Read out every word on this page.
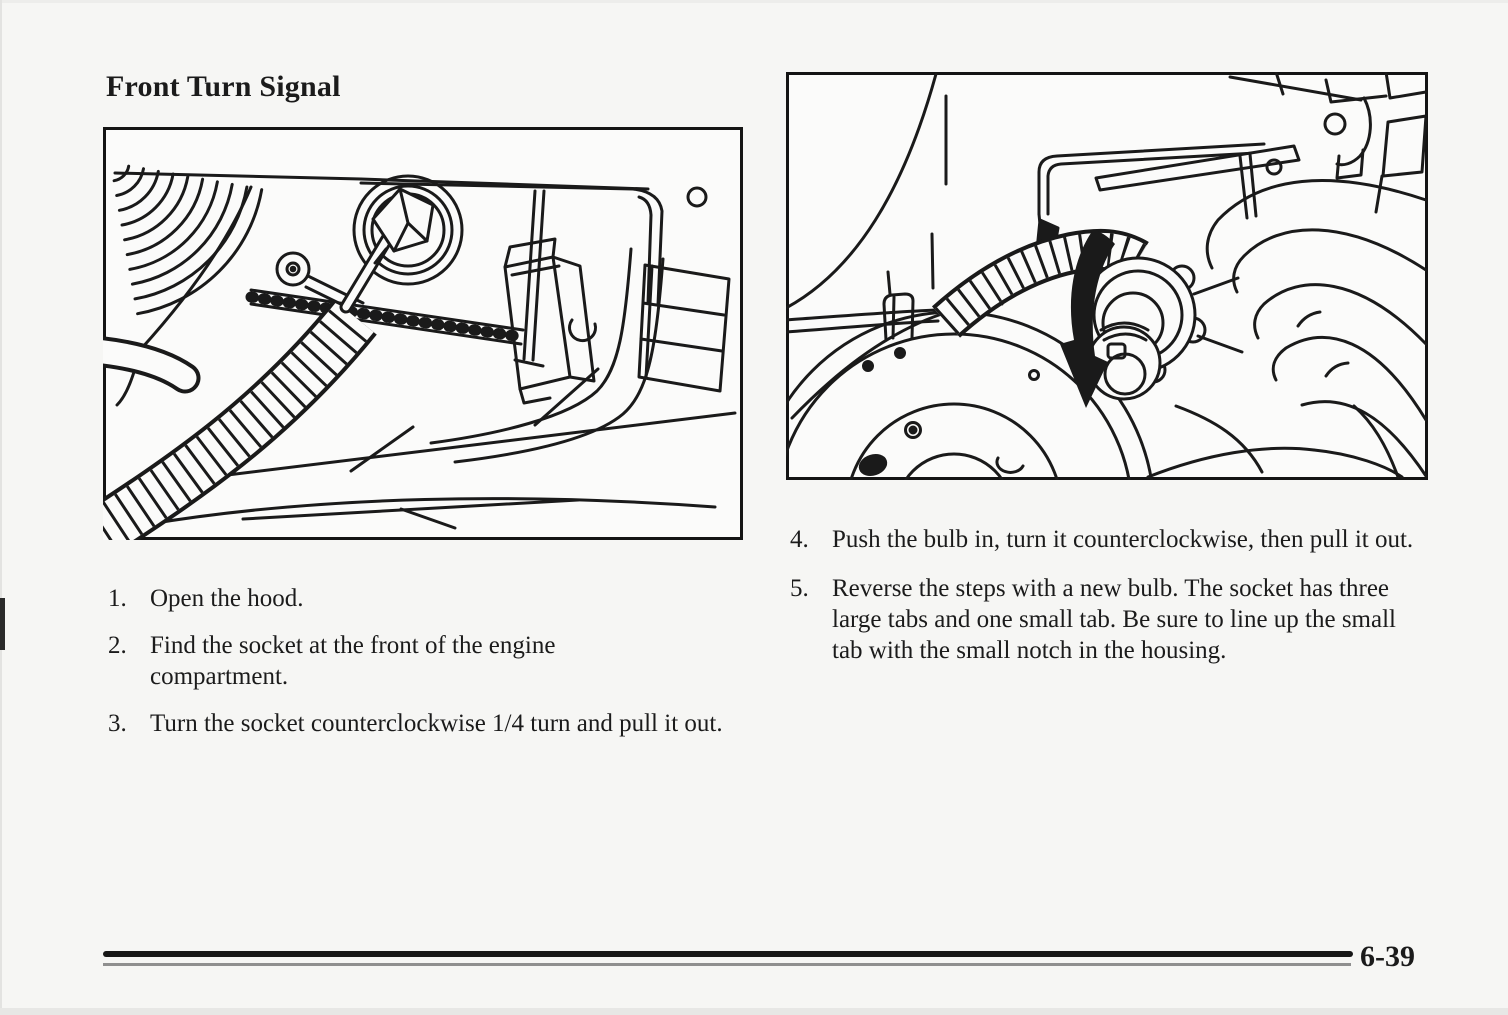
Front Turn Signal
1. Open the hood.
2. Find the socket at the front of the engine compartment.
3. Turn the socket counterclockwise 1/4 turn and pull it out.
4. Push the bulb in, turn it counterclockwise, then pull it out.
5. Reverse the steps with a new bulb. The socket has three large tabs and one small tab. Be sure to line up the small tab with the small notch in the housing.
6-39
